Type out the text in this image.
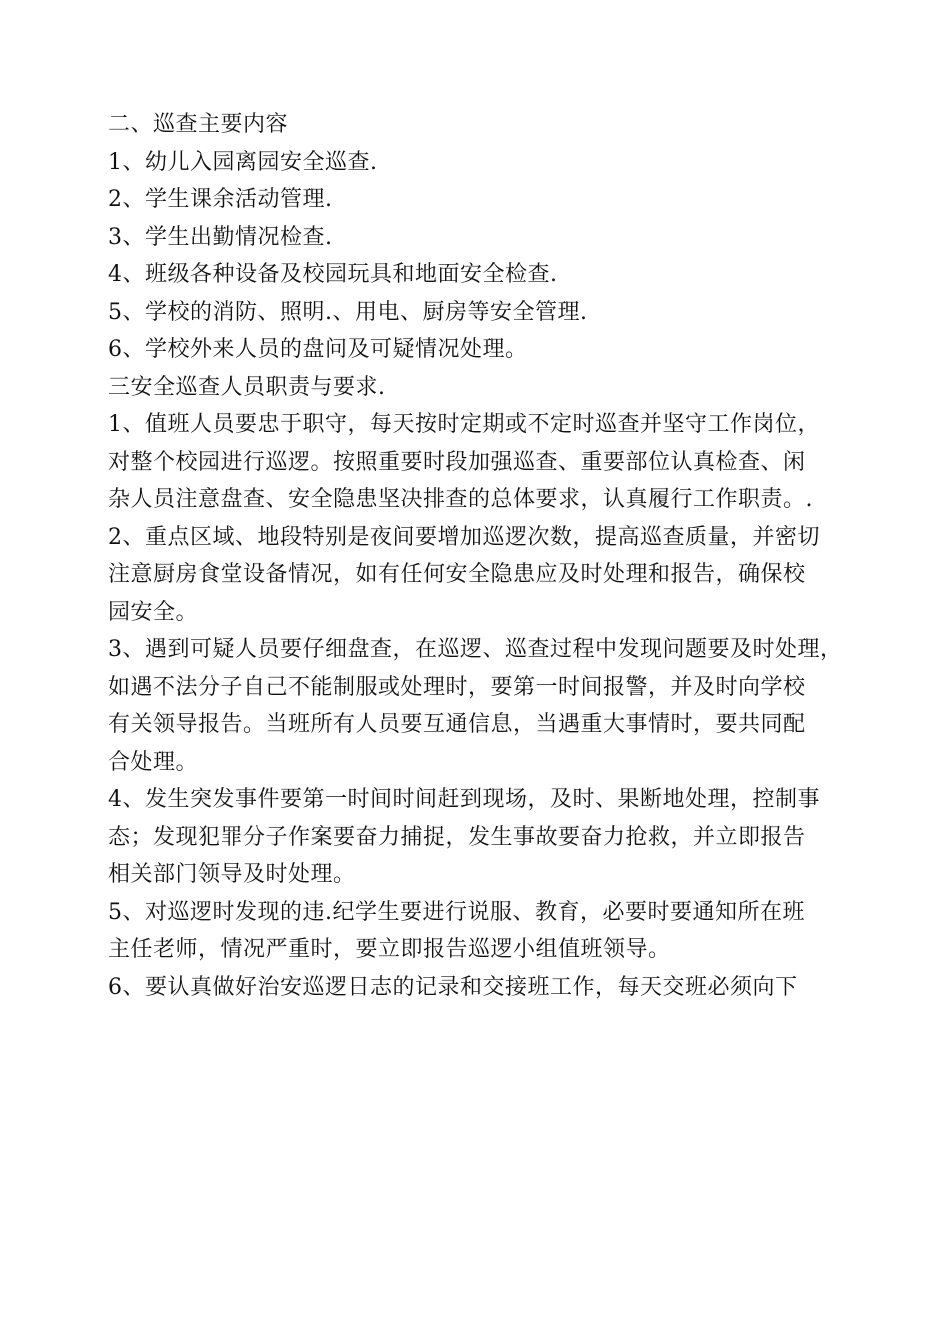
二、巡查主要内容
1、幼儿入园离园安全巡查.
2、学生课余活动管理.
3、学生出勤情况检查.
4、班级各种设备及校园玩具和地面安全检查.
5、学校的消防、照明.、用电、厨房等安全管理.
6、学校外来人员的盘问及可疑情况处理。
三安全巡查人员职责与要求.
1、值班人员要忠于职守，每天按时定期或不定时巡查并坚守工作岗位，
对整个校园进行巡逻。按照重要时段加强巡查、重要部位认真检查、闲
杂人员注意盘查、安全隐患坚决排查的总体要求，认真履行工作职责。.
2、重点区域、地段特别是夜间要增加巡逻次数，提高巡查质量，并密切
注意厨房食堂设备情况，如有任何安全隐患应及时处理和报告，确保校
园安全。
3、遇到可疑人员要仔细盘查，在巡逻、巡查过程中发现问题要及时处理，
如遇不法分子自己不能制服或处理时，要第一时间报警，并及时向学校
有关领导报告。当班所有人员要互通信息，当遇重大事情时，要共同配
合处理。
4、发生突发事件要第一时间时间赶到现场，及时、果断地处理，控制事
态；发现犯罪分子作案要奋力捕捉，发生事故要奋力抢救，并立即报告
相关部门领导及时处理。
5、对巡逻时发现的违.纪学生要进行说服、教育，必要时要通知所在班
主任老师，情况严重时，要立即报告巡逻小组值班领导。
6、要认真做好治安巡逻日志的记录和交接班工作，每天交班必须向下
